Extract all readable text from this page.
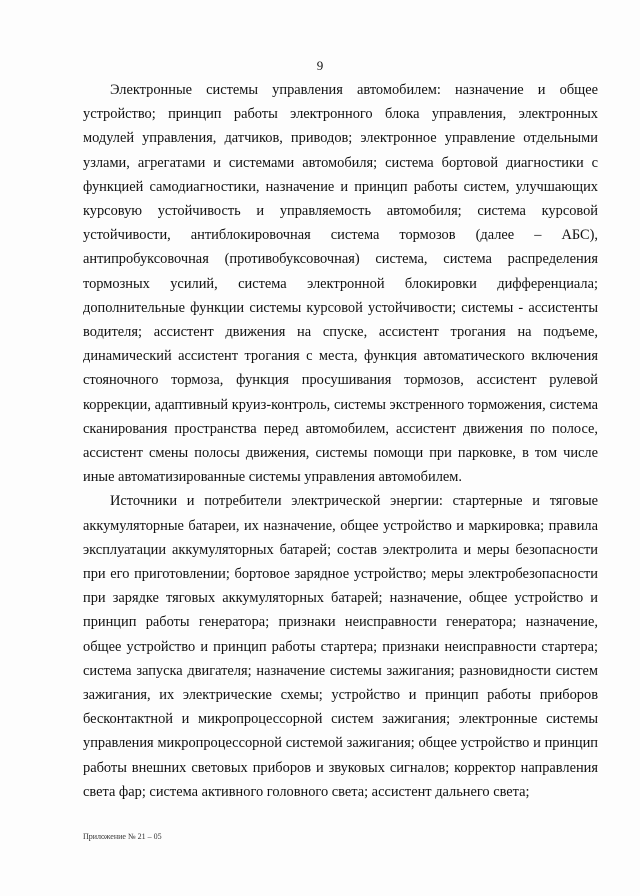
9

Электронные системы управления автомобилем: назначение и общее устройство; принцип работы электронного блока управления, электронных модулей управления, датчиков, приводов; электронное управление отдельными узлами, агрегатами и системами автомобиля; система бортовой диагностики с функцией самодиагностики, назначение и принцип работы систем, улучшающих курсовую устойчивость и управляемость автомобиля; система курсовой устойчивости, антиблокировочная система тормозов (далее – АБС), антипробуксовочная (противобуксовочная) система, система распределения тормозных усилий, система электронной блокировки дифференциала; дополнительные функции системы курсовой устойчивости; системы - ассистенты водителя; ассистент движения на спуске, ассистент трогания на подъеме, динамический ассистент трогания с места, функция автоматического включения стояночного тормоза, функция просушивания тормозов, ассистент рулевой коррекции, адаптивный круиз-контроль, системы экстренного торможения, система сканирования пространства перед автомобилем, ассистент движения по полосе, ассистент смены полосы движения, системы помощи при парковке, в том числе иные автоматизированные системы управления автомобилем.

Источники и потребители электрической энергии: стартерные и тяговые аккумуляторные батареи, их назначение, общее устройство и маркировка; правила эксплуатации аккумуляторных батарей; состав электролита и меры безопасности при его приготовлении; бортовое зарядное устройство; меры электробезопасности при зарядке тяговых аккумуляторных батарей; назначение, общее устройство и принцип работы генератора; признаки неисправности генератора; назначение, общее устройство и принцип работы стартера; признаки неисправности стартера; система запуска двигателя; назначение системы зажигания; разновидности систем зажигания, их электрические схемы; устройство и принцип работы приборов бесконтактной и микропроцессорной систем зажигания; электронные системы управления микропроцессорной системой зажигания; общее устройство и принцип работы внешних световых приборов и звуковых сигналов; корректор направления света фар; система активного головного света; ассистент дальнего света;

Приложение № 21 – 05
